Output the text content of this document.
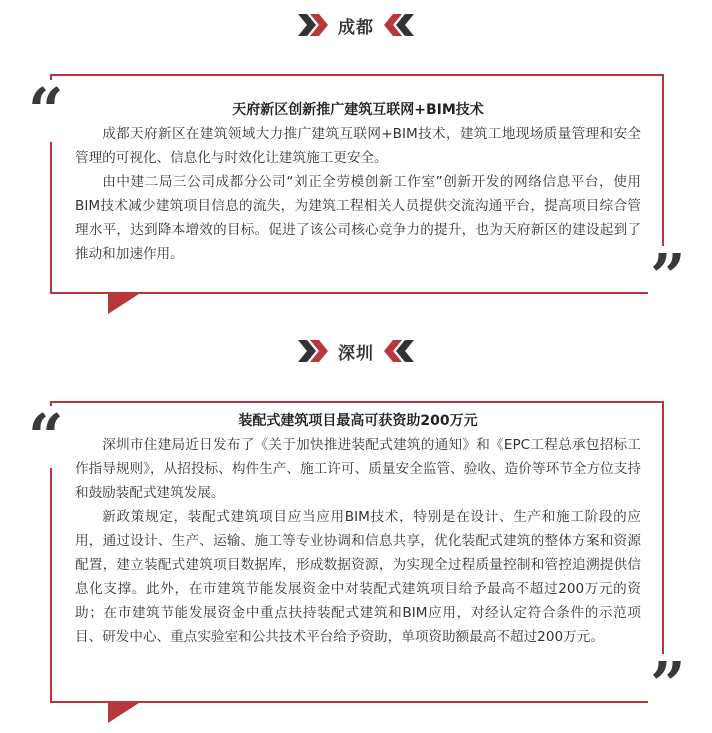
成都

天府新区创新推广建筑互联网+BIM技术

成都天府新区在建筑领域大力推广建筑互联网+BIM技术，建筑工地现场质量管理和安全管理的可视化、信息化与时效化让建筑施工更安全。

由中建二局三公司成都分公司“刘正全劳模创新工作室”创新开发的网络信息平台，使用BIM技术减少建筑项目信息的流失，为建筑工程相关人员提供交流沟通平台，提高项目综合管理水平，达到降本增效的目标。促进了该公司核心竞争力的提升，也为天府新区的建设起到了推动和加速作用。

“
”
深圳

装配式建筑项目最高可获资助200万元

深圳市住建局近日发布了《关于加快推进装配式建筑的通知》和《EPC工程总承包招标工作指导规则》，从招投标、构件生产、施工许可、质量安全监管、验收、造价等环节全方位支持和鼓励装配式建筑发展。

新政策规定，装配式建筑项目应当应用BIM技术，特别是在设计、生产和施工阶段的应用，通过设计、生产、运输、施工等专业协调和信息共享，优化装配式建筑的整体方案和资源配置，建立装配式建筑项目数据库，形成数据资源，为实现全过程质量控制和管控追溯提供信息化支撑。此外，在市建筑节能发展资金中对装配式建筑项目给予最高不超过200万元的资助；在市建筑节能发展资金中重点扶持装配式建筑和BIM应用，对经认定符合条件的示范项目、研发中心、重点实验室和公共技术平台给予资助，单项资助额最高不超过200万元。

“
”
